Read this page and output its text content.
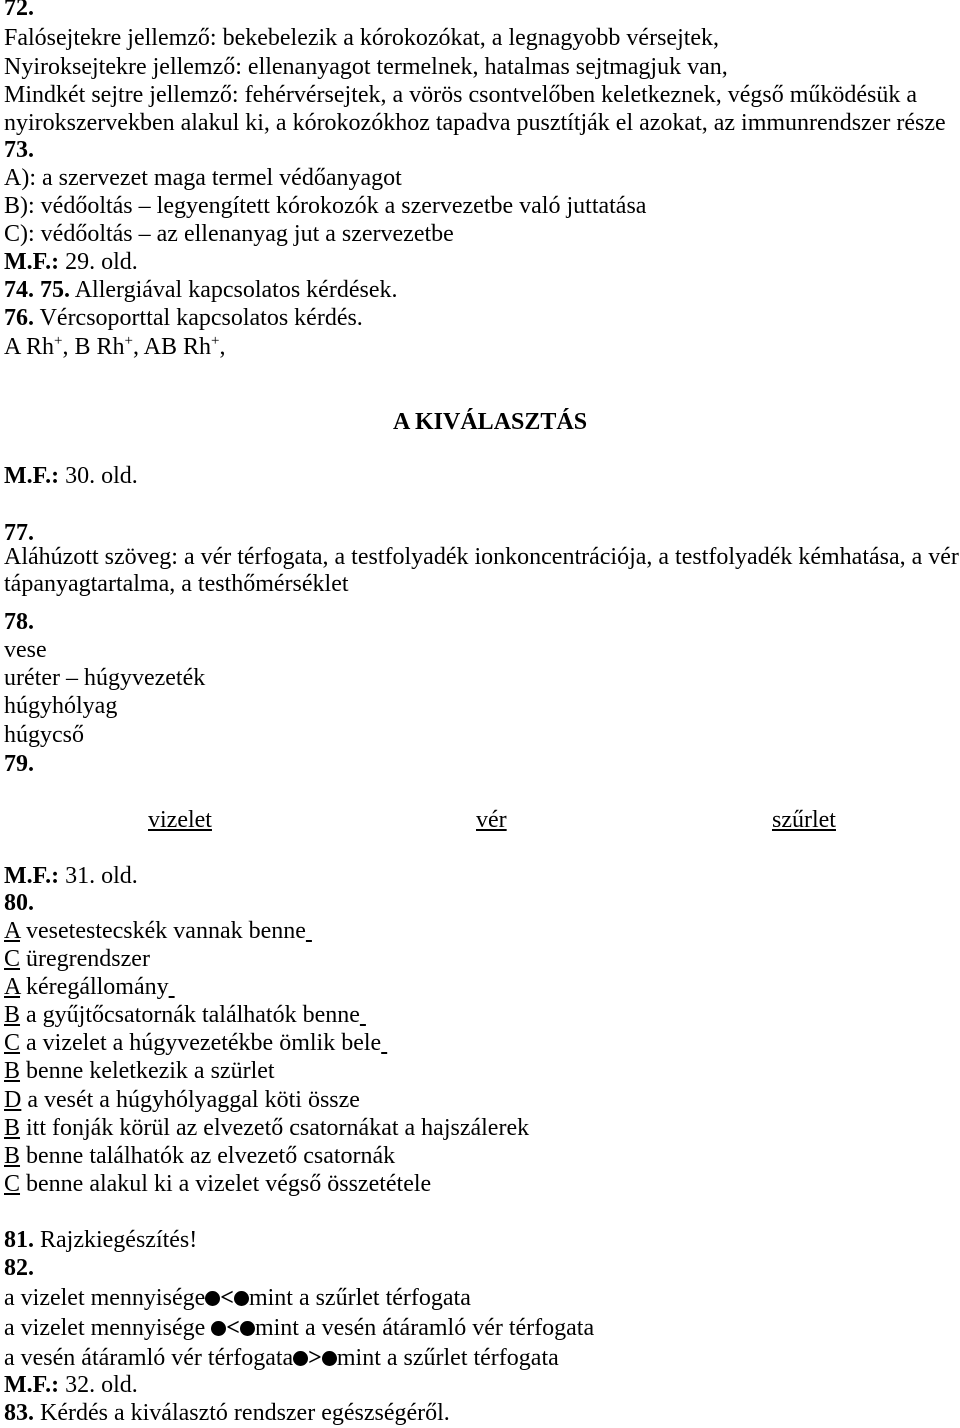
72.
Falósejtekre jellemző: bekebelezik a kórokozókat, a legnagyobb vérsejtek,
Nyiroksejtekre jellemző: ellenanyagot termelnek, hatalmas sejtmagjuk van,
Mindkét sejtre jellemző: fehérvérsejtek, a vörös csontvelőben keletkeznek, végső működésük a
nyirokszervekben alakul ki, a kórokozókhoz tapadva pusztítják el azokat, az immunrendszer része
73.
A): a szervezet maga termel védőanyagot
B): védőoltás – legyengített kórokozók a szervezetbe való juttatása
C): védőoltás – az ellenanyag jut a szervezetbe
M.F.: 29. old.
74. 75. Allergiával kapcsolatos kérdések.
76. Vércsoporttal kapcsolatos kérdés.
A Rh+, B Rh+, AB Rh+,
A KIVÁLASZTÁS
M.F.: 30. old.
77.
Aláhúzott szöveg: a vér térfogata, a testfolyadék ionkoncentrációja, a testfolyadék kémhatása, a vér
tápanyagtartalma, a testhőmérséklet
78.
vese
uréter – húgyvezeték
húgyhólyag
húgycső
79.
vizelet	vér	szűrlet
M.F.: 31. old.
80.
A vesetestecskék vannak benne
C üregrendszer
A kéregállomány
B a gyűjtőcsatornák találhatók benne
C a vizelet a húgyvezetékbe ömlik bele
B benne keletkezik a szürlet
D a vesét a húgyhólyaggal köti össze
B itt fonják körül az elvezető csatornákat a hajszálerek
B benne találhatók az elvezető csatornák
C benne alakul ki a vizelet végső összetétele
81. Rajzkiegészítés!
82.
a vizelet mennyisége < mint a szűrlet térfogata
a vizelet mennyisége < mint a vesén átáramló vér térfogata
a vesén átáramló vér térfogata > mint a szűrlet térfogata
M.F.: 32. old.
83. Kérdés a kiválasztó rendszer egészségéről.
